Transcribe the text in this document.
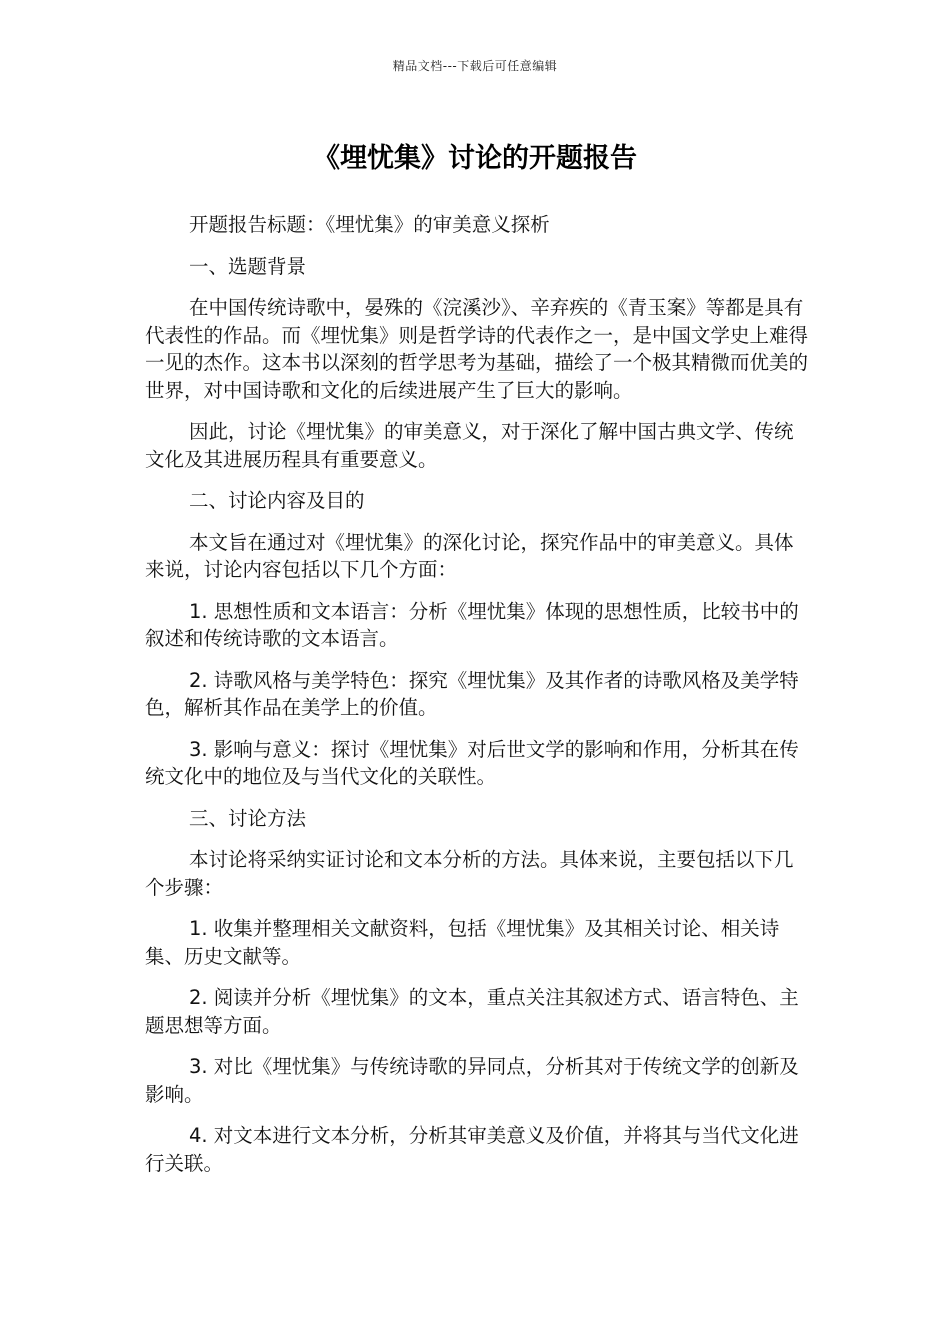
精品文档---下载后可任意编辑
《埋忧集》讨论的开题报告

开题报告标题：《埋忧集》的审美意义探析

一、选题背景

在中国传统诗歌中，晏殊的《浣溪沙》、辛弃疾的《青玉案》等都是具有代表性的作品。而《埋忧集》则是哲学诗的代表作之一，是中国文学史上难得一见的杰作。这本书以深刻的哲学思考为基础，描绘了一个极其精微而优美的世界，对中国诗歌和文化的后续进展产生了巨大的影响。

因此，讨论《埋忧集》的审美意义，对于深化了解中国古典文学、传统文化及其进展历程具有重要意义。

二、讨论内容及目的

本文旨在通过对《埋忧集》的深化讨论，探究作品中的审美意义。具体来说，讨论内容包括以下几个方面：

1. 思想性质和文本语言：分析《埋忧集》体现的思想性质，比较书中的叙述和传统诗歌的文本语言。

2. 诗歌风格与美学特色：探究《埋忧集》及其作者的诗歌风格及美学特色，解析其作品在美学上的价值。

3. 影响与意义：探讨《埋忧集》对后世文学的影响和作用，分析其在传统文化中的地位及与当代文化的关联性。

三、讨论方法

本讨论将采纳实证讨论和文本分析的方法。具体来说，主要包括以下几个步骤：

1. 收集并整理相关文献资料，包括《埋忧集》及其相关讨论、相关诗集、历史文献等。

2. 阅读并分析《埋忧集》的文本，重点关注其叙述方式、语言特色、主题思想等方面。

3. 对比《埋忧集》与传统诗歌的异同点，分析其对于传统文学的创新及影响。

4. 对文本进行文本分析，分析其审美意义及价值，并将其与当代文化进行关联。
